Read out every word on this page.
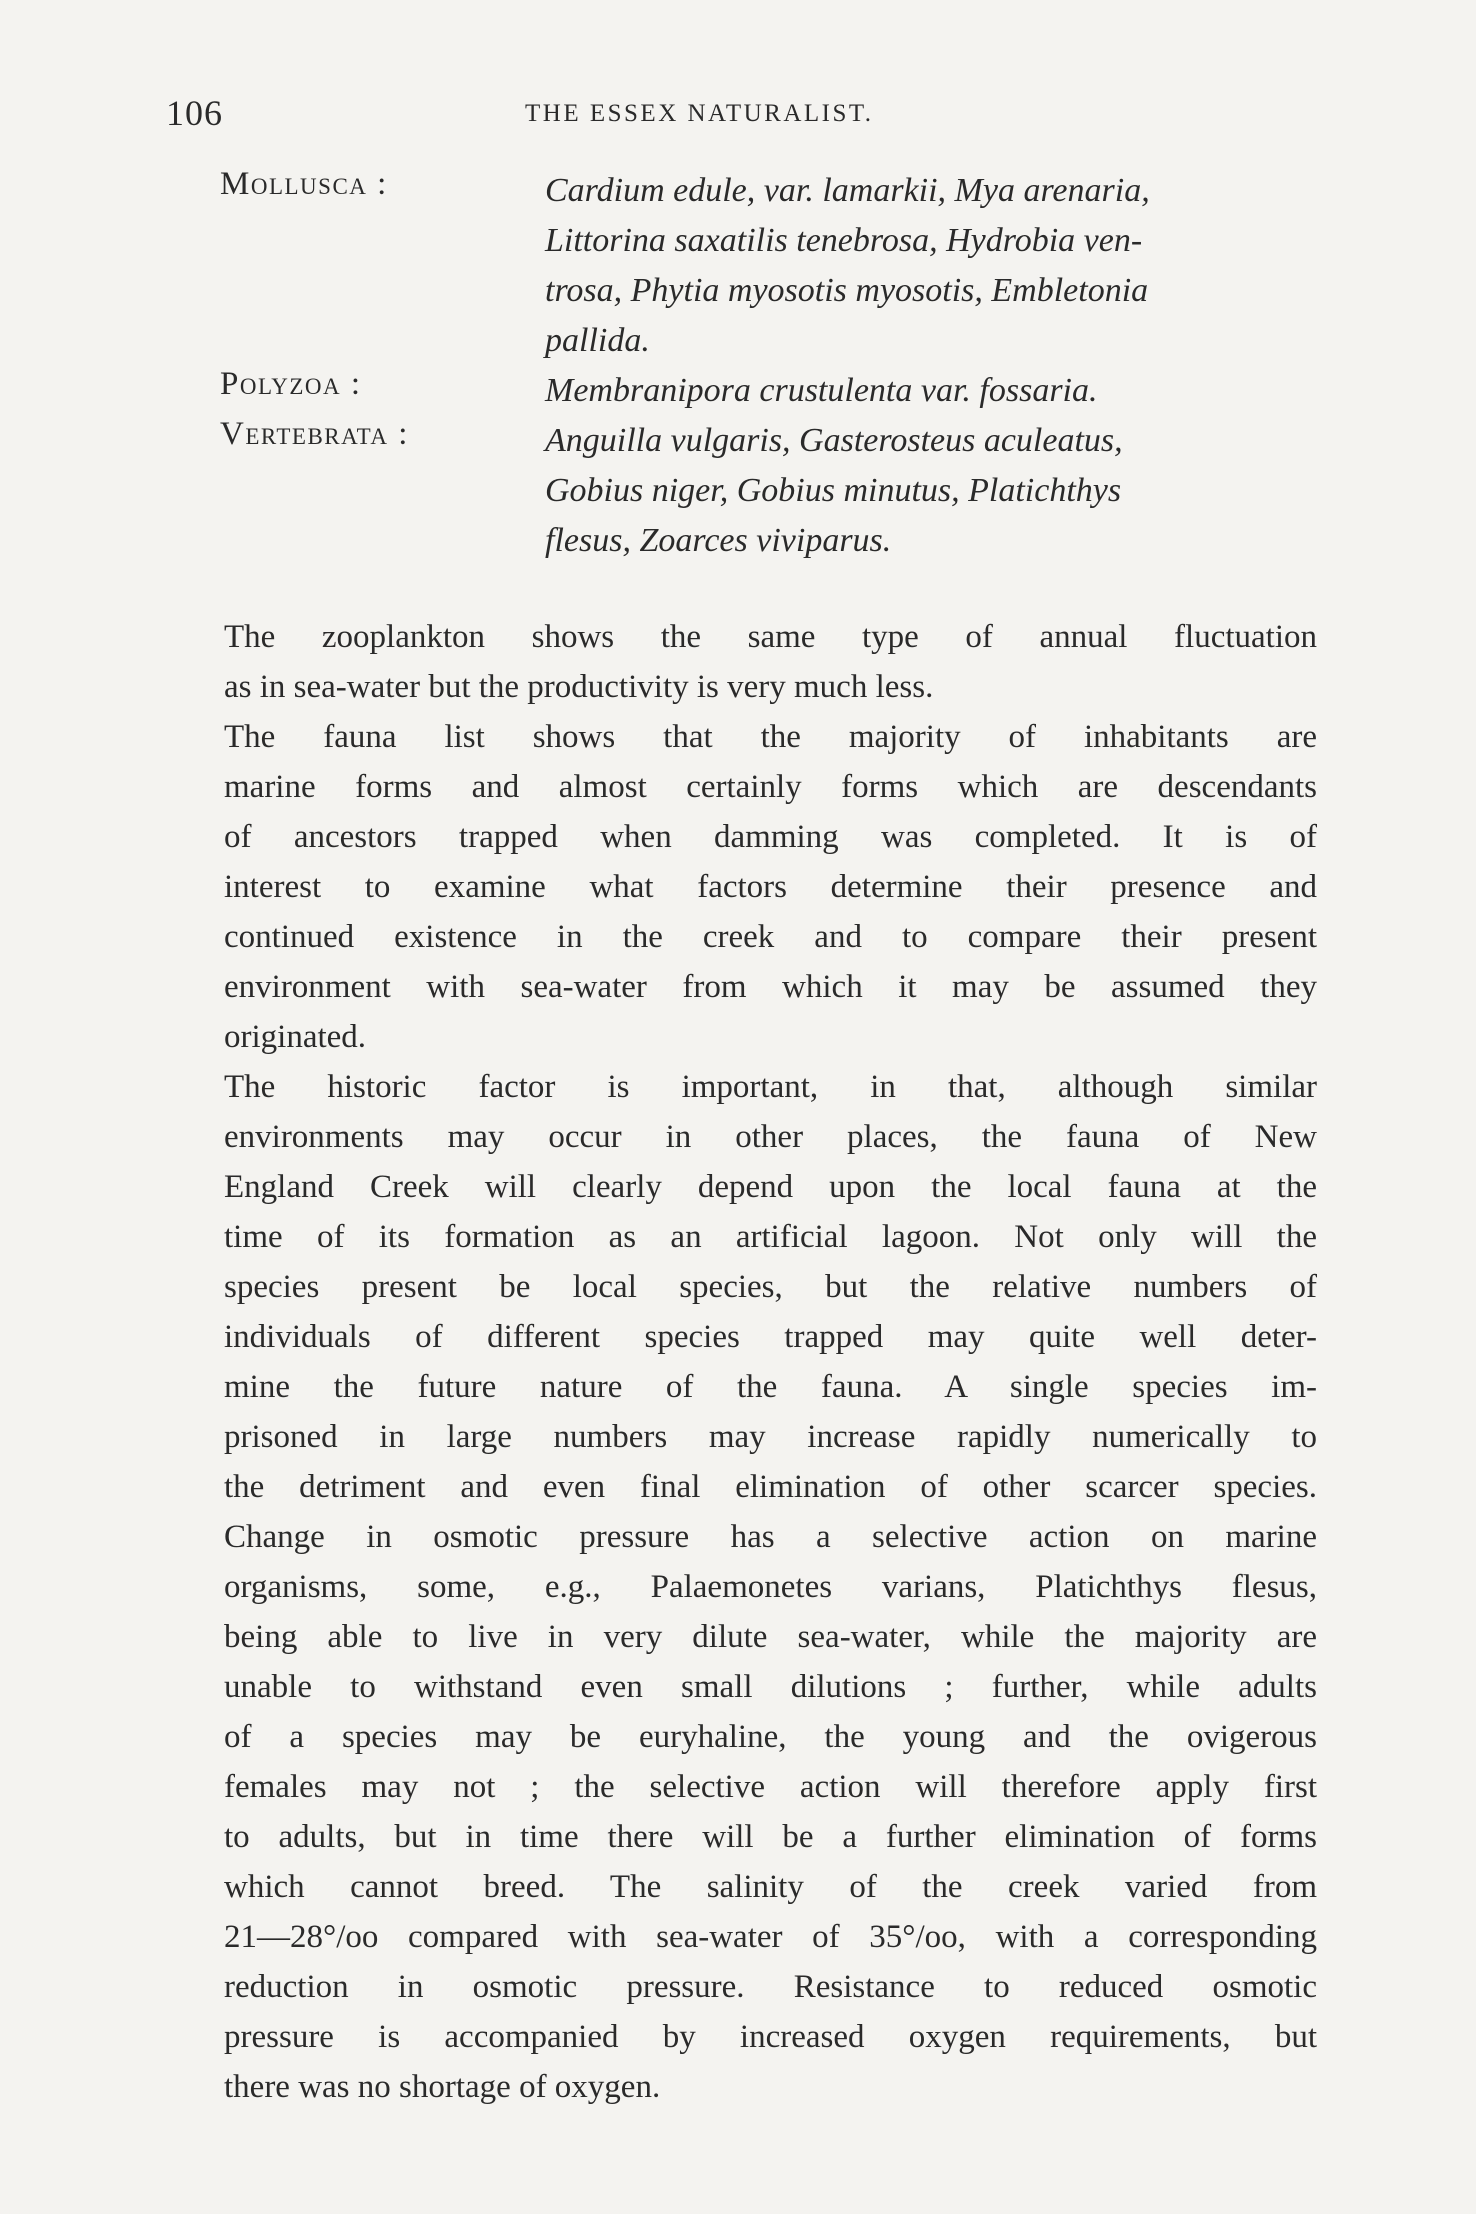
106	THE ESSEX NATURALIST.
Mollusca :	Cardium edule, var. lamarkii, Mya arenaria,
Littorina saxatilis tenebrosa, Hydrobia ven-
trosa, Phytia myosotis myosotis, Embletonia
pallida.
Polyzoa :	Membranipora crustulenta var. fossaria.
Vertebrata :	Anguilla vulgaris, Gasterosteus aculeatus,
Gobius niger, Gobius minutus, Platichthys
flesus, Zoarces viviparus.

The zooplankton shows the same type of annual fluctuation
as in sea-water but the productivity is very much less.

The fauna list shows that the majority of inhabitants are
marine forms and almost certainly forms which are descendants
of ancestors trapped when damming was completed. It is of
interest to examine what factors determine their presence and
continued existence in the creek and to compare their present
environment with sea-water from which it may be assumed they
originated.

The historic factor is important, in that, although similar
environments may occur in other places, the fauna of New
England Creek will clearly depend upon the local fauna at the
time of its formation as an artificial lagoon. Not only will the
species present be local species, but the relative numbers of
individuals of different species trapped may quite well deter-
mine the future nature of the fauna. A single species im-
prisoned in large numbers may increase rapidly numerically to
the detriment and even final elimination of other scarcer species.
Change in osmotic pressure has a selective action on marine
organisms, some, e.g., Palaemonetes varians, Platichthys flesus,
being able to live in very dilute sea-water, while the majority are
unable to withstand even small dilutions ; further, while adults
of a species may be euryhaline, the young and the ovigerous
females may not ; the selective action will therefore apply first
to adults, but in time there will be a further elimination of forms
which cannot breed. The salinity of the creek varied from
21—28°/oo compared with sea-water of 35°/oo, with a corresponding
reduction in osmotic pressure. Resistance to reduced osmotic
pressure is accompanied by increased oxygen requirements, but
there was no shortage of oxygen.
